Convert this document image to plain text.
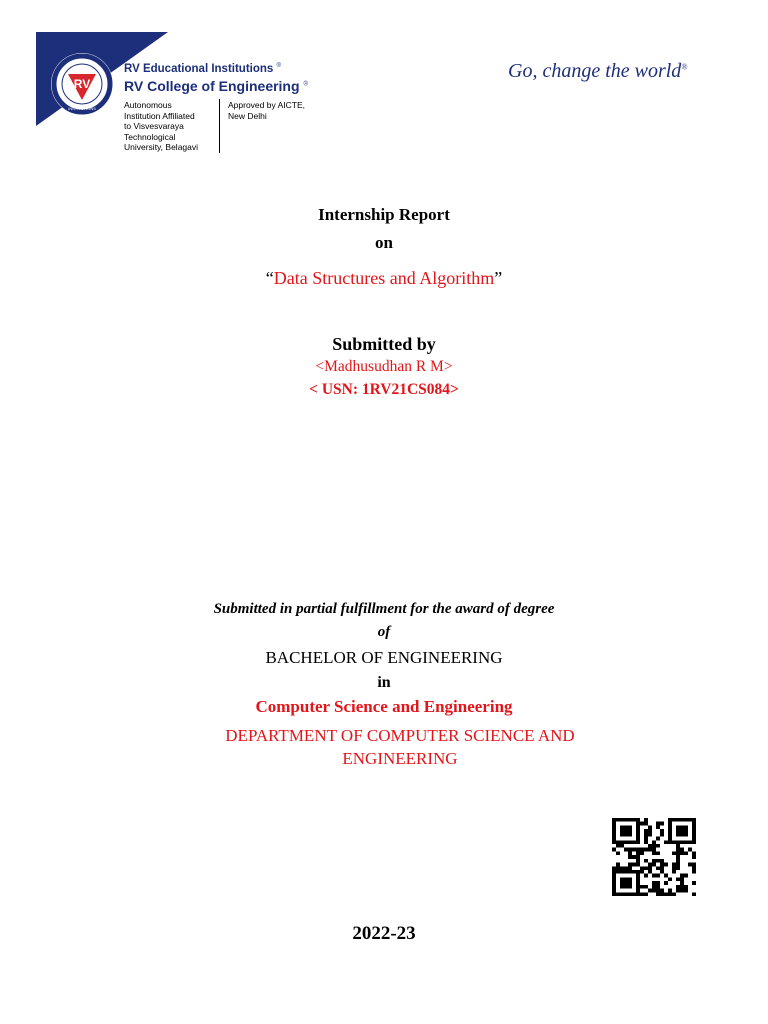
RV
INSTITUTIONS
RV Educational Institutions ®
RV College of Engineering ®
Autonomous
Institution Affiliated
to Visvesvaraya
Technological
University, Belagavi
Approved by AICTE,
New Delhi
Go, change the world®
Internship Report
on
“Data Structures and Algorithm”
Submitted by
<Madhusudhan R M>
< USN: 1RV21CS084>
Submitted in partial fulfillment for the award of degree
of
BACHELOR OF ENGINEERING
in
Computer Science and Engineering
DEPARTMENT OF COMPUTER SCIENCE AND ENGINEERING
2022-23
